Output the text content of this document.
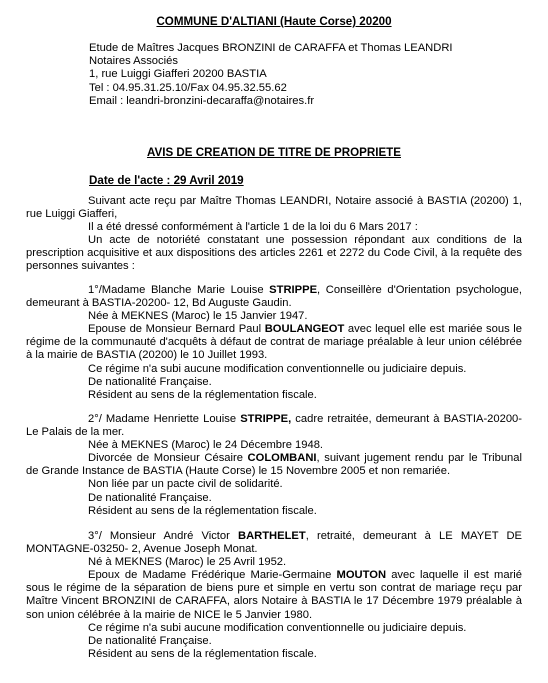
COMMUNE D'ALTIANI (Haute Corse) 20200
Etude de Maîtres Jacques BRONZINI de CARAFFA et Thomas LEANDRI
Notaires Associés
1, rue Luiggi Giafferi 20200 BASTIA
Tel : 04.95.31.25.10/Fax 04.95.32.55.62
Email : leandri-bronzini-decaraffa@notaires.fr
AVIS DE CREATION DE TITRE DE PROPRIETE
Date de l'acte : 29 Avril 2019

Suivant acte reçu par Maître Thomas LEANDRI, Notaire associé à BASTIA (20200) 1, rue Luiggi Giafferi,

Il a été dressé conformément à l'article 1 de la loi du 6 Mars 2017 :

Un acte de notoriété constatant une possession répondant aux conditions de la prescription acquisitive et aux dispositions des articles 2261 et 2272 du Code Civil, à la requête des personnes suivantes :

1°/Madame Blanche Marie Louise STRIPPE, Conseillère d'Orientation psychologue, demeurant à BASTIA-20200- 12, Bd Auguste Gaudin.

Née à MEKNES (Maroc) le 15 Janvier 1947.

Epouse de Monsieur Bernard Paul BOULANGEOT avec lequel elle est mariée sous le régime de la communauté d'acquêts à défaut de contrat de mariage préalable à leur union célébrée à la mairie de BASTIA (20200) le 10 Juillet 1993.

Ce régime n'a subi aucune modification conventionnelle ou judiciaire depuis.

De nationalité Française.

Résident au sens de la réglementation fiscale.

2°/ Madame Henriette Louise STRIPPE, cadre retraitée, demeurant à BASTIA-20200- Le Palais de la mer.

Née à MEKNES (Maroc) le 24 Décembre 1948.

Divorcée de Monsieur Césaire COLOMBANI, suivant jugement rendu par le Tribunal de Grande Instance de BASTIA (Haute Corse) le 15 Novembre 2005 et non remariée.

Non liée par un pacte civil de solidarité.

De nationalité Française.

Résident au sens de la réglementation fiscale.

3°/ Monsieur André Victor BARTHELET, retraité, demeurant à LE MAYET DE MONTAGNE-03250- 2, Avenue Joseph Monat.

Né à MEKNES (Maroc) le 25 Avril 1952.

Epoux de Madame Frédérique Marie-Germaine MOUTON avec laquelle il est marié sous le régime de la séparation de biens pure et simple en vertu son contrat de mariage reçu par Maître Vincent BRONZINI de CARAFFA, alors Notaire à BASTIA le 17 Décembre 1979 préalable à son union célébrée à la mairie de NICE le 5 Janvier 1980.

Ce régime n'a subi aucune modification conventionnelle ou judiciaire depuis.

De nationalité Française.

Résident au sens de la réglementation fiscale.
